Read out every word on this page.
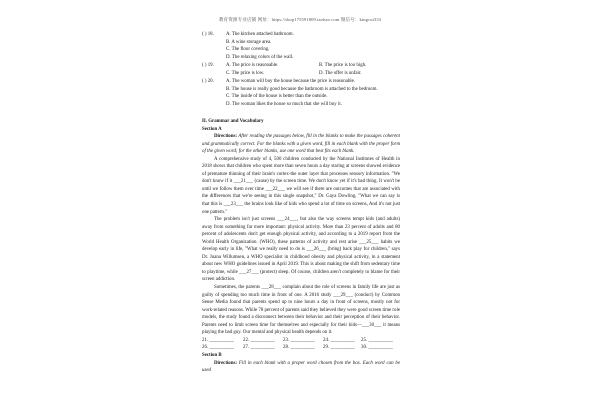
教育资源专业店铺 网址：https://shop175591809.taobao.com 微信号：kingcui333
( ) 18. A. The kitchen attached bathroom.
B. A wine storage area.
C. The floor covering.
D. The relaxing colors of the wall.
( ) 19. A. The price is reasonable.	B. The price is too high.
C. The price is low.	D. The offer is unfair.
( ) 20. A. The woman will buy the house because the price is reasonable.
B. The house is really good because the bathroom is attached to the bedroom.
C. The inside of the house is better than the outside.
D. The woman likes the house so much that she will buy it.
II. Grammar and Vocabulary
Section A

Directions: After reading the passages below, fill in the blanks to make the passages coherent and grammatically correct. For the blanks with a given word, fill in each blank with the proper form of the given word; for the other blanks, use one word that best fits each blank.

A comprehensive study of 4, 500 children conducted by the National Institutes of Health in 2018 shows that children who spent more than seven hours a day staring at screens showed evidence of premature thinning of their brain's cortex-the outer layer that processes sensory information. "We don't know if it ___21___ (cause) by the screen time. We don't know yet if it's bad thing. It won't be until we follow them over time ___22___ we will see if there are outcomes that are associated with the differences that we're seeing in this single snapshot," Dr. Gaya Dowling. "What we can say is that this is ___23___ the brains look like of kids who spend a lot of time on screens, And it's not just one pattern."

The problem isn't just screens ___24___, but also the way screens tempt kids (and adults) away from something far more important: physical activity. More than 23 percent of adults and 80 percent of adolescents don't get enough physical activity, and according to a 2019 report from the World Health Organization. (WHO), these patterns of activity and rest arise ___25___ habits we develop early in life, "What we really need to do is ___26___ (bring) back play for children," says Dr. Juana Willumsen, a WHO specialist in childhood obesity and physical activity, in a statement about new WHO guidelines issued in April 2019. This is about making the shift from sedentary time to playtime, while ___27___ (protect) sleep. Of course, children aren't completely to blame for their screen addiction.

Sometimes, the parents ___28___ complain about the role of screens in family life are just as guilty of spending too much time in front of one. A 2016 study ___29___ (conduct) by Common Sense Media found that parents spend up to nine hours a day in front of screens, mostly not for work-related reasons. While 78 percent of parents said they believed they were good screen time role models, the study found a disconnect between their behavior and their perception of their behavior. Parents need to limit screen time for themselves and especially for their kids—___30___ it means playing the bad guy. Our mental and physical health depends on it.

21. __________ 22. __________ 23. __________ 24. __________ 25. __________
26. __________ 27. __________ 28. __________ 29. __________ 30. __________
Section B

Directions: Fill in each blank with a proper word chosen from the box. Each word can be used
